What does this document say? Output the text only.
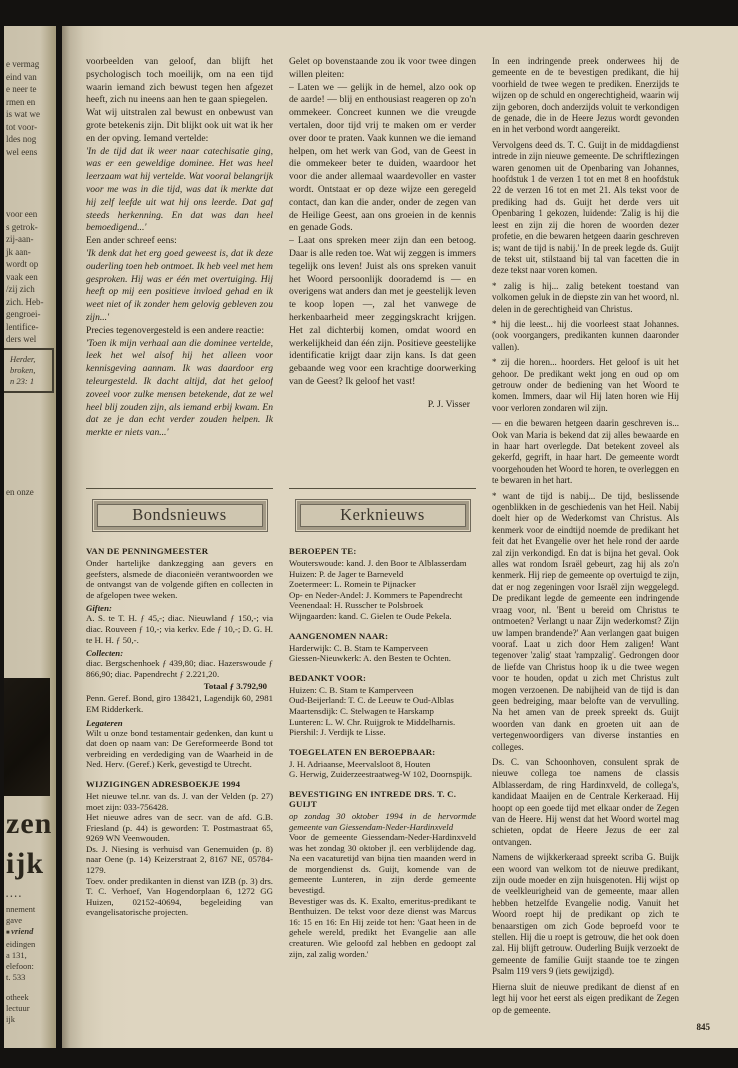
e vermag
eind van
e neer te
rmen en
is wat we
tot voor-
ldes nog
wel eens
voor een
s getrok-
zij-aan-
jk aan-
wordt op
vaak een
/zij zich
zich. Heb-
gengroei-
lentifice-
ders wel
Herder,
broken,
n 23: 1
en onze
zen
ijk
....
nnement
gave
■ vriend
eidingen
a 131,
elefoon:
t. 533
otheek
lectuur
ijk

voorbeelden van geloof, dan blijft het psychologisch toch moeilijk, om na een tijd waarin iemand zich bewust tegen hen afgezet heeft, zich nu ineens aan hen te gaan spiegelen.

Wat wij uitstralen zal bewust en onbewust van grote betekenis zijn. Dit blijkt ook uit wat ik her en der opving. Iemand vertelde:

'In de tijd dat ik weer naar catechisatie ging, was er een geweldige dominee. Het was heel leerzaam wat hij vertelde. Wat vooral belangrijk voor me was in die tijd, was dat ik merkte dat hij zelf leefde uit wat hij ons leerde. Dat gaf steeds herkenning. En dat was dan heel bemoedigend...'

Een ander schreef eens:

'Ik denk dat het erg goed geweest is, dat ik deze ouderling toen heb ontmoet. Ik heb veel met hem gesproken. Hij was er één met overtuiging. Hij heeft op mij een positieve invloed gehad en ik weet niet of ik zonder hem gelovig gebleven zou zijn...'

Precies tegenovergesteld is een andere reactie:

'Toen ik mijn verhaal aan die dominee vertelde, leek het wel alsof hij het alleen voor kennisgeving aannam. Ik was daardoor erg teleurgesteld. Ik dacht altijd, dat het geloof zoveel voor zulke mensen betekende, dat ze wel heel blij zouden zijn, als iemand erbij kwam. En dat ze je dan echt verder zouden helpen. Ik merkte er niets van...'

Bondsnieuws
VAN DE PENNINGMEESTER

Onder hartelijke dankzegging aan gevers en geefsters, alsmede de diaconieën verantwoorden we de ontvangst van de volgende giften en collecten in de afgelopen twee weken.

Giften:

A. S. te T. H. ƒ 45,-; diac. Nieuwland ƒ 150,-; via diac. Rouveen ƒ 10,-; via kerkv. Ede ƒ 10,-; D. G. H. te H. H. ƒ 50,-.

Collecten:

diac. Bergschenhoek ƒ 439,80; diac. Hazerswoude ƒ 866,90; diac. Papendrecht ƒ 2.221,20.

Totaal ƒ 3.792,90

Penn. Geref. Bond, giro 138421, Lagendijk 60, 2981 EM Ridderkerk.

Legateren

Wilt u onze bond testamentair gedenken, dan kunt u dat doen op naam van: De Gereformeerde Bond tot verbreiding en verdediging van de Waarheid in de Ned. Herv. (Geref.) Kerk, gevestigd te Utrecht.

WIJZIGINGEN ADRESBOEKJE 1994

Het nieuwe tel.nr. van ds. J. van der Velden (p. 27) moet zijn: 033-756428.

Het nieuwe adres van de secr. van de afd. G.B. Friesland (p. 44) is geworden: T. Postmastraat 65, 9269 WN Veenwouden.

Ds. J. Niesing is verhuisd van Genemuiden (p. 8) naar Oene (p. 14) Keizerstraat 2, 8167 NE, 05784-1279.

Toev. onder predikanten in dienst van IZB (p. 3) drs. T. C. Verhoef, Van Hogendorplaan 6, 1272 GG Huizen, 02152-40694, begeleiding van evangelisatorische projecten.

Gelet op bovenstaande zou ik voor twee dingen willen pleiten:

– Laten we — gelijk in de hemel, alzo ook op de aarde! — blij en enthousiast reageren op zo'n ommekeer. Concreet kunnen we die vreugde vertalen, door tijd vrij te maken om er verder over door te praten. Vaak kunnen we die iemand helpen, om het werk van God, van de Geest in die ommekeer beter te duiden, waardoor het voor die ander allemaal waardevoller en vaster wordt. Ontstaat er op deze wijze een geregeld contact, dan kan die ander, onder de zegen van de Heilige Geest, aan ons groeien in de kennis en genade Gods.

– Laat ons spreken meer zijn dan een betoog. Daar is alle reden toe. Wat wij zeggen is immers tegelijk ons leven! Juist als ons spreken vanuit het Woord persoonlijk doorademd is — en overigens wat anders dan met je geestelijk leven te koop lopen —, zal het vanwege de herkenbaarheid meer zeggingskracht krijgen. Het zal dichterbij komen, omdat woord en werkelijkheid dan één zijn. Positieve geestelijke identificatie krijgt daar zijn kans. Is dat geen gebaande weg voor een krachtige doorwerking van de Geest? Ik geloof het vast!

P. J. Visser
Kerknieuws
BEROEPEN TE:
Wouterswoude: kand. J. den Boor te Alblasserdam
Huizen: P. de Jager te Barneveld
Zoetermeer: L. Romein te Pijnacker
Op- en Neder-Andel: J. Kommers te Papendrecht
Veenendaal: H. Russcher te Polsbroek
Wijngaarden: kand. C. Gielen te Oude Pekela.
AANGENOMEN NAAR:
Harderwijk: C. B. Stam te Kamperveen
Giessen-Nieuwkerk: A. den Besten te Ochten.
BEDANKT VOOR:
Huizen: C. B. Stam te Kamperveen
Oud-Beijerland: T. C. de Leeuw te Oud-Alblas
Maartensdijk: C. Stelwagen te Harskamp
Lunteren: L. W. Chr. Ruijgrok te Middelharnis.
Piershil: J. Verdijk te Lisse.
TOEGELATEN EN BEROEPBAAR:
J. H. Adriaanse, Meervalsloot 8, Houten
G. Herwig, Zuiderzeestraatweg-W 102, Doornspijk.
BEVESTIGING EN INTREDE DRS. T. C. GUIJT

op zondag 30 oktober 1994 in de hervormde gemeente van Giessendam-Neder-Hardinxveld

Voor de gemeente Giessendam-Neder-Hardinxveld was het zondag 30 oktober jl. een verblijdende dag. Na een vacaturetijd van bijna tien maanden werd in de morgendienst ds. Guijt, komende van de gemeente Lunteren, in zijn derde gemeente bevestigd.

Bevestiger was ds. K. Exalto, emeritus-predikant te Benthuizen. De tekst voor deze dienst was Marcus 16: 15 en 16: En Hij zeide tot hen: 'Gaat heen in de gehele wereld, predikt het Evangelie aan alle creaturen. Wie geloofd zal hebben en gedoopt zal zijn, zal zalig worden.'

In een indringende preek onderwees hij de gemeente en de te bevestigen predikant, die hij voorhield de twee wegen te prediken. Enerzijds te wijzen op de schuld en ongerechtigheid, waarin wij zijn geboren, doch anderzijds voluit te verkondigen de genade, die in de Heere Jezus wordt gevonden en in het verbond wordt aangereikt.

Vervolgens deed ds. T. C. Guijt in de middagdienst intrede in zijn nieuwe gemeente. De schriftlezingen waren genomen uit de Openbaring van Johannes, hoofdstuk 1 de verzen 1 tot en met 8 en hoofdstuk 22 de verzen 16 tot en met 21. Als tekst voor de prediking had ds. Guijt het derde vers uit Openbaring 1 gekozen, luidende: 'Zalig is hij die leest en zijn zij die horen de woorden dezer profetie, en die bewaren hetgeen daarin geschreven is; want de tijd is nabij.' In de preek legde ds. Guijt de tekst uit, stilstaand bij tal van facetten die in deze tekst naar voren komen.

* zalig is hij... zalig betekent toestand van volkomen geluk in de diepste zin van het woord, nl. delen in de gerechtigheid van Christus.

* hij die leest... hij die voorleest staat Johannes. (ook voorgangers, predikanten kunnen daaronder vallen).

* zij die horen... hoorders. Het geloof is uit het gehoor. De predikant wekt jong en oud op om getrouw onder de bediening van het Woord te komen. Immers, daar wil Hij laten horen wie Hij voor verloren zondaren wil zijn.

— en die bewaren hetgeen daarin geschreven is... Ook van Maria is bekend dat zij alles bewaarde en in haar hart overlegde. Dat betekent zoveel als gekerfd, gegrift, in haar hart. De gemeente wordt voorgehouden het Woord te horen, te overleggen en te bewaren in het hart.

* want de tijd is nabij... De tijd, beslissende ogenblikken in de geschiedenis van het Heil. Nabij doelt hier op de Wederkomst van Christus. Als kenmerk voor de eindtijd noemde de predikant het feit dat het Evangelie over het hele rond der aarde zal zijn verkondigd. En dat is bijna het geval. Ook alles wat rondom Israël gebeurt, zag hij als zo'n kenmerk. Hij riep de gemeente op overtuigd te zijn, dat er nog zegeningen voor Israël zijn weggelegd. De predikant legde de gemeente een indringende vraag voor, nl. 'Bent u bereid om Christus te ontmoeten? Verlangt u naar Zijn wederkomst? Zijn uw lampen brandende?' Aan verlangen gaat buigen vooraf. Laat u zich door Hem zaligen! Want tegenover 'zalig' staat 'rampzalig'. Gedrongen door de liefde van Christus hoop ik u die twee wegen voor te houden, opdat u zich met Christus zult mogen verzoenen. De nabijheid van de tijd is dan geen bedreiging, maar belofte van de vervulling. Na het amen van de preek spreekt ds. Guijt woorden van dank en groeten uit aan de vertegenwoordigers van diverse instanties en colleges.

Ds. C. van Schoonhoven, consulent sprak de nieuwe collega toe namens de classis Alblasserdam, de ring Hardinxveld, de collega's, kandidaat Maaijen en de Centrale Kerkeraad. Hij hoopt op een goede tijd met elkaar onder de Zegen van de Heere. Hij wenst dat het Woord wortel mag schieten, opdat de Heere Jezus de eer zal ontvangen.

Namens de wijkkerkeraad spreekt scriba G. Buijk een woord van welkom tot de nieuwe predikant, zijn oude moeder en zijn huisgenoten. Hij wijst op de veelkleurigheid van de gemeente, maar allen hebben hetzelfde Evangelie nodig. Vanuit het Woord roept hij de predikant op zich te benaarstigen om zich Gode beproefd voor te stellen. Hij die u roept is getrouw, die het ook doen zal. Hij blijft getrouw. Ouderling Buijk verzoekt de gemeente de familie Guijt staande toe te zingen Psalm 119 vers 9 (iets gewijzigd).

Hierna sluit de nieuwe predikant de dienst af en legt hij voor het eerst als eigen predikant de Zegen op de gemeente.

845
